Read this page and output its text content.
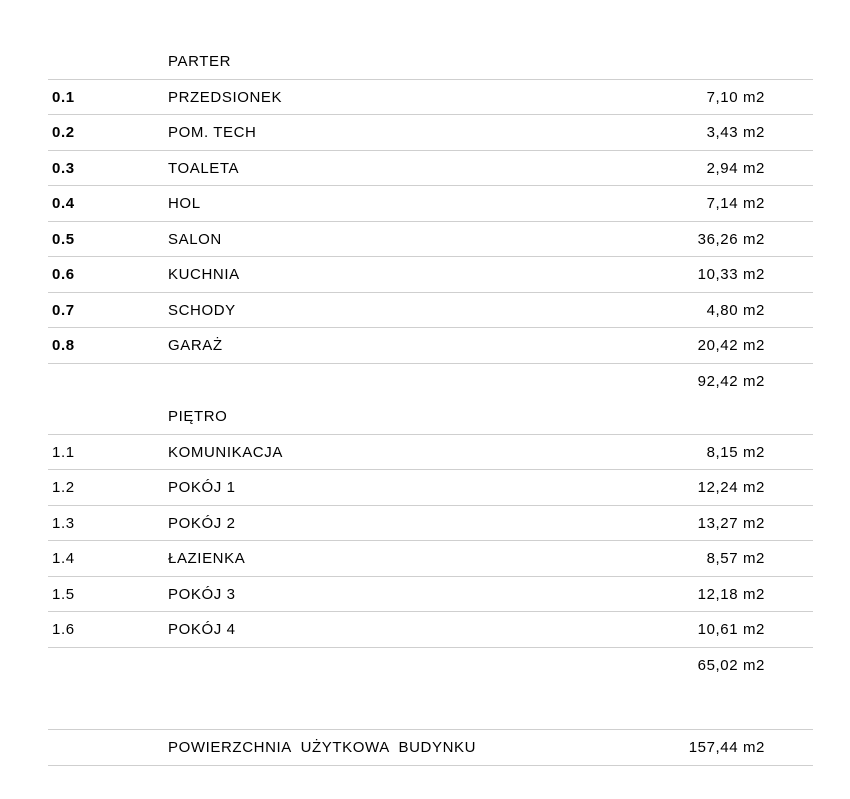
PARTER
0.1	PRZEDSIONEK	7,10 m2
0.2	POM. TECH	3,43 m2
0.3	TOALETA	2,94 m2
0.4	HOL	7,14 m2
0.5	SALON	36,26 m2
0.6	KUCHNIA	10,33 m2
0.7	SCHODY	4,80 m2
0.8	GARAŻ	20,42 m2
92,42 m2
PIĘTRO
1.1	KOMUNIKACJA	8,15 m2
1.2	POKÓJ 1	12,24 m2
1.3	POKÓJ 2	13,27 m2
1.4	ŁAZIENKA	8,57 m2
1.5	POKÓJ 3	12,18 m2
1.6	POKÓJ 4	10,61 m2
65,02 m2
POWIERZCHNIA  UŻYTKOWA  BUDYNKU	157,44 m2
